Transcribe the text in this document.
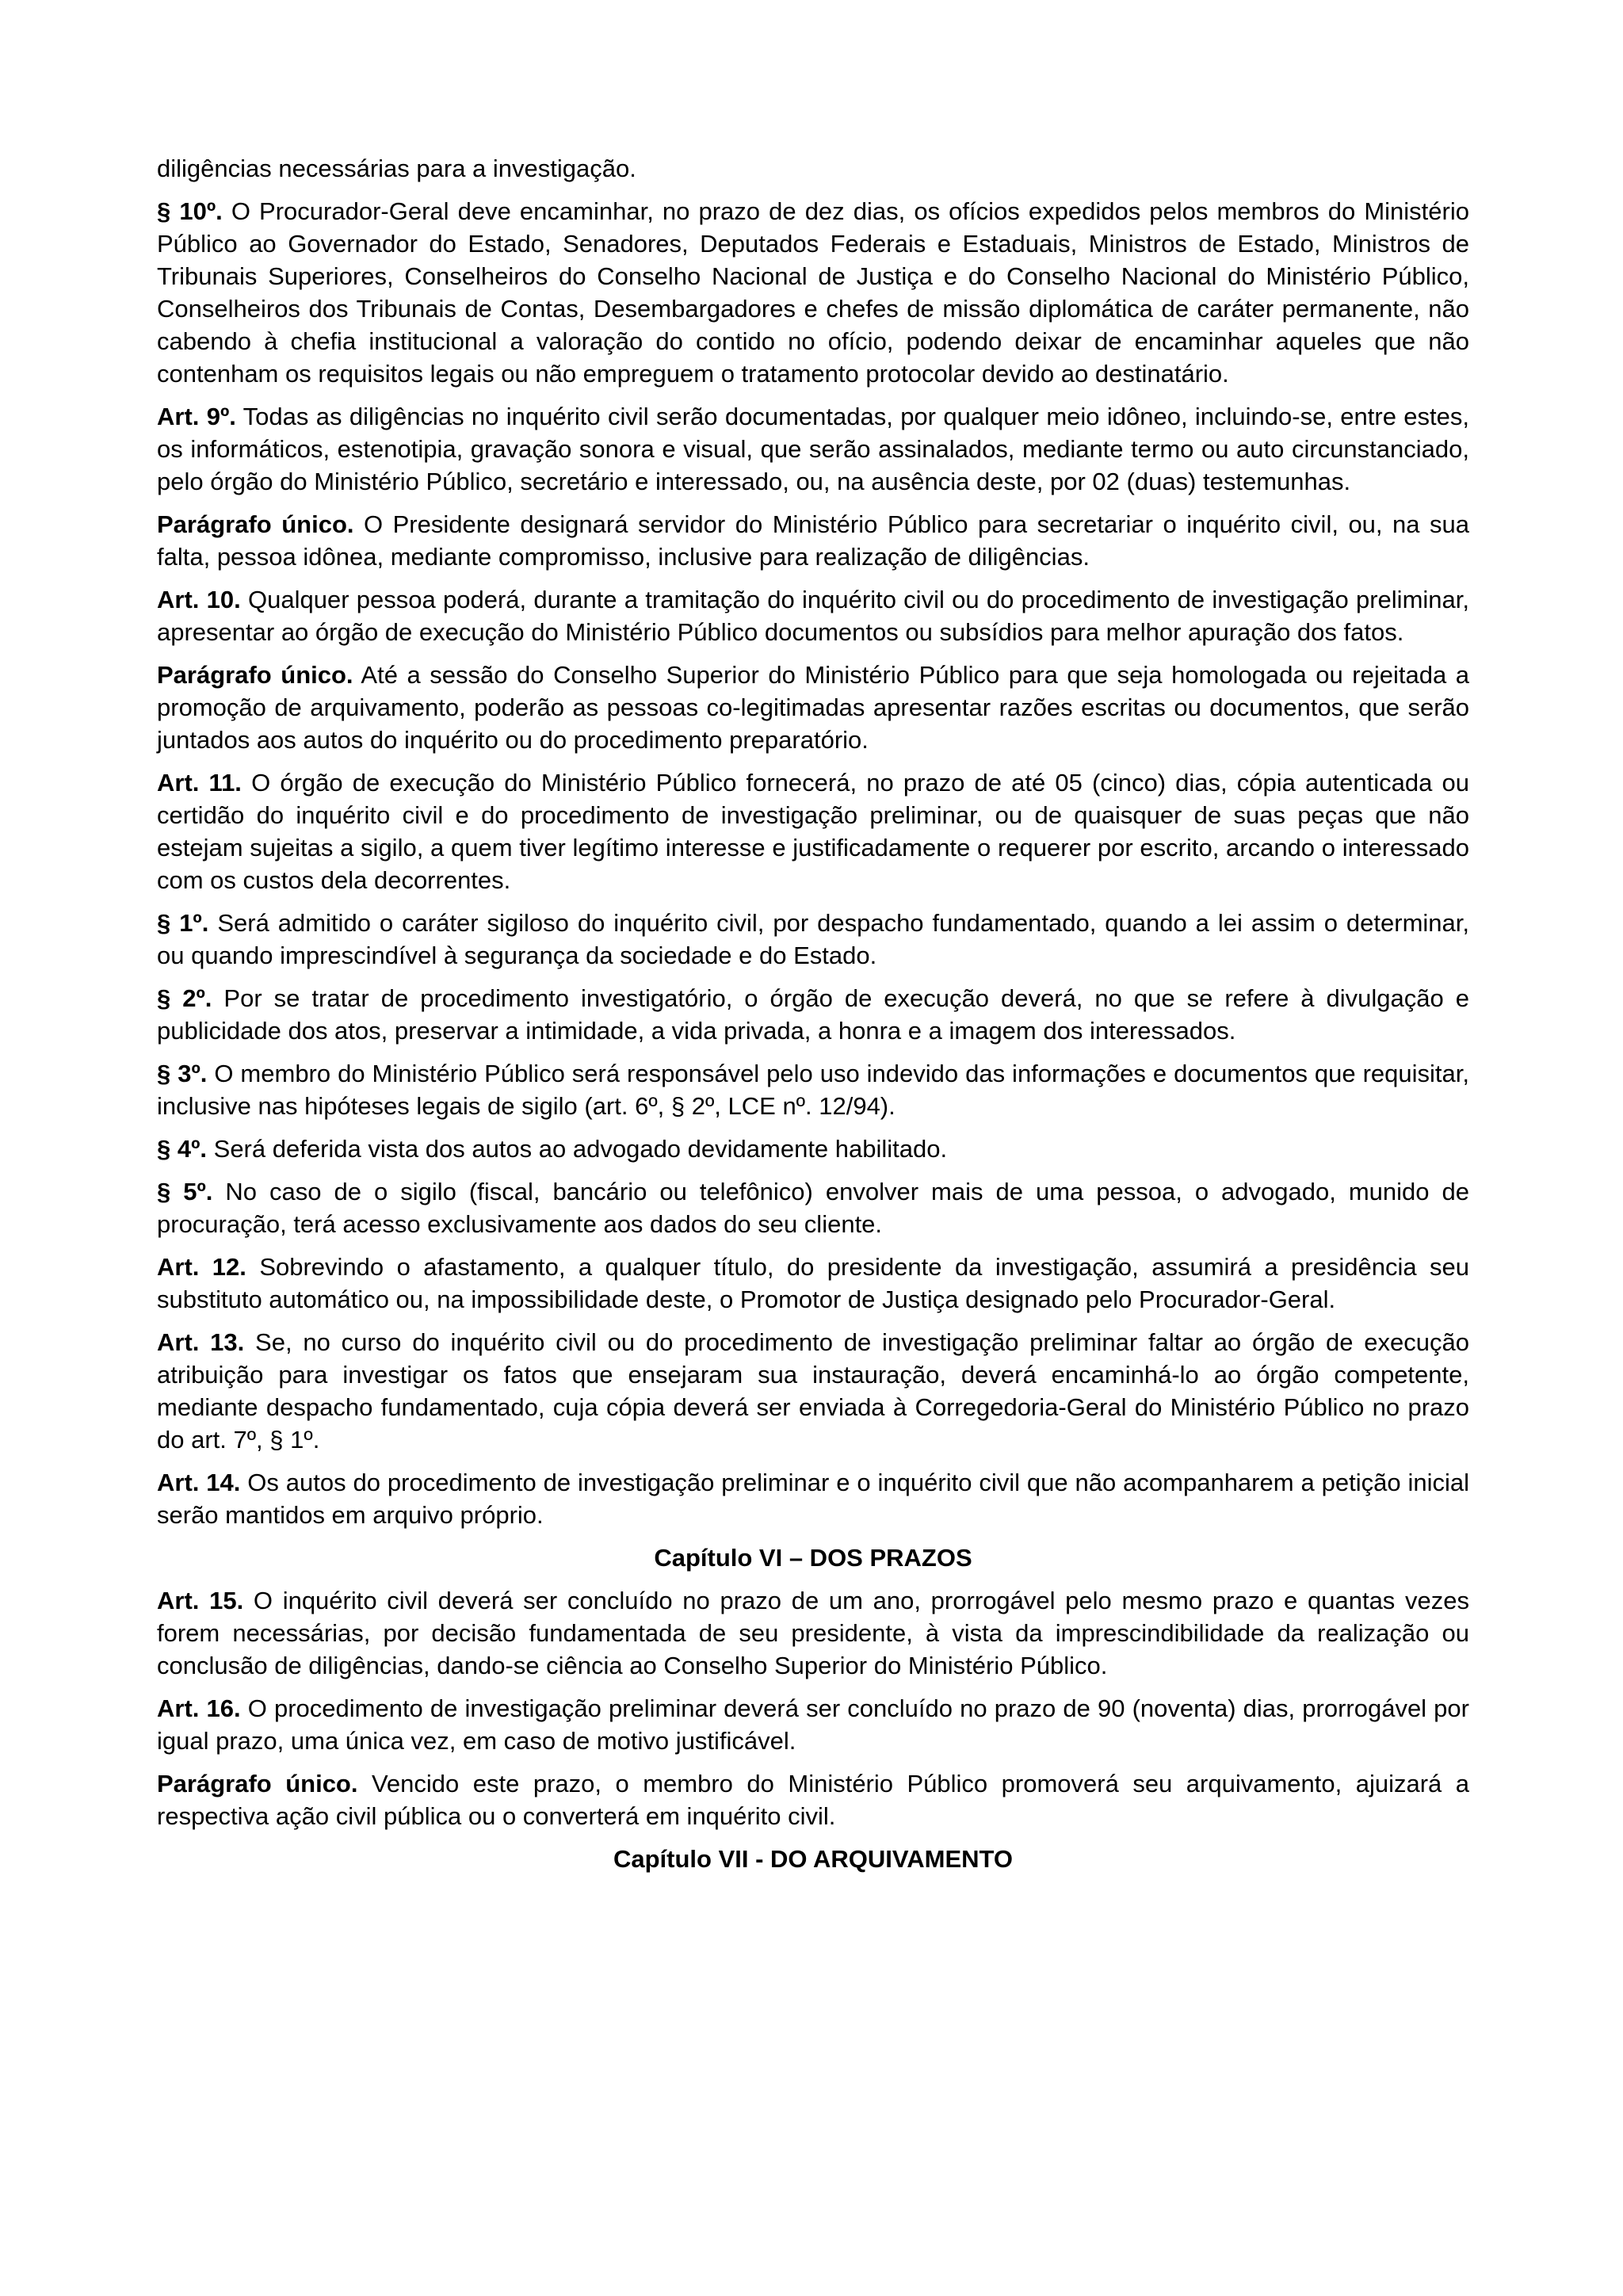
diligências necessárias para a investigação.

§ 10º. O Procurador-Geral deve encaminhar, no prazo de dez dias, os ofícios expedidos pelos membros do Ministério Público ao Governador do Estado, Senadores, Deputados Federais e Estaduais, Ministros de Estado, Ministros de Tribunais Superiores, Conselheiros do Conselho Nacional de Justiça e do Conselho Nacional do Ministério Público, Conselheiros dos Tribunais de Contas, Desembargadores e chefes de missão diplomática de caráter permanente, não cabendo à chefia institucional a valoração do contido no ofício, podendo deixar de encaminhar aqueles que não contenham os requisitos legais ou não empreguem o tratamento protocolar devido ao destinatário.

Art. 9º. Todas as diligências no inquérito civil serão documentadas, por qualquer meio idôneo, incluindo-se, entre estes, os informáticos, estenotipia, gravação sonora e visual, que serão assinalados, mediante termo ou auto circunstanciado, pelo órgão do Ministério Público, secretário e interessado, ou, na ausência deste, por 02 (duas) testemunhas.

Parágrafo único. O Presidente designará servidor do Ministério Público para secretariar o inquérito civil, ou, na sua falta, pessoa idônea, mediante compromisso, inclusive para realização de diligências.

Art. 10. Qualquer pessoa poderá, durante a tramitação do inquérito civil ou do procedimento de investigação preliminar, apresentar ao órgão de execução do Ministério Público documentos ou subsídios para melhor apuração dos fatos.

Parágrafo único. Até a sessão do Conselho Superior do Ministério Público para que seja homologada ou rejeitada a promoção de arquivamento, poderão as pessoas co-legitimadas apresentar razões escritas ou documentos, que serão juntados aos autos do inquérito ou do procedimento preparatório.

Art. 11. O órgão de execução do Ministério Público fornecerá, no prazo de até 05 (cinco) dias, cópia autenticada ou certidão do inquérito civil e do procedimento de investigação preliminar, ou de quaisquer de suas peças que não estejam sujeitas a sigilo, a quem tiver legítimo interesse e justificadamente o requerer por escrito, arcando o interessado com os custos dela decorrentes.

§ 1º. Será admitido o caráter sigiloso do inquérito civil, por despacho fundamentado, quando a lei assim o determinar, ou quando imprescindível à segurança da sociedade e do Estado.

§ 2º. Por se tratar de procedimento investigatório, o órgão de execução deverá, no que se refere à divulgação e publicidade dos atos, preservar a intimidade, a vida privada, a honra e a imagem dos interessados.

§ 3º. O membro do Ministério Público será responsável pelo uso indevido das informações e documentos que requisitar, inclusive nas hipóteses legais de sigilo (art. 6º, § 2º, LCE nº. 12/94).

§ 4º. Será deferida vista dos autos ao advogado devidamente habilitado.

§ 5º. No caso de o sigilo (fiscal, bancário ou telefônico) envolver mais de uma pessoa, o advogado, munido de procuração, terá acesso exclusivamente aos dados do seu cliente.

Art. 12. Sobrevindo o afastamento, a qualquer título, do presidente da investigação, assumirá a presidência seu substituto automático ou, na impossibilidade deste, o Promotor de Justiça designado pelo Procurador-Geral.

Art. 13. Se, no curso do inquérito civil ou do procedimento de investigação preliminar faltar ao órgão de execução atribuição para investigar os fatos que ensejaram sua instauração, deverá encaminhá-lo ao órgão competente, mediante despacho fundamentado, cuja cópia deverá ser enviada à Corregedoria-Geral do Ministério Público no prazo do art. 7º, § 1º.

Art. 14. Os autos do procedimento de investigação preliminar e o inquérito civil que não acompanharem a petição inicial serão mantidos em arquivo próprio.

Capítulo VI – DOS PRAZOS

Art. 15. O inquérito civil deverá ser concluído no prazo de um ano, prorrogável pelo mesmo prazo e quantas vezes forem necessárias, por decisão fundamentada de seu presidente, à vista da imprescindibilidade da realização ou conclusão de diligências, dando-se ciência ao Conselho Superior do Ministério Público.

Art. 16. O procedimento de investigação preliminar deverá ser concluído no prazo de 90 (noventa) dias, prorrogável por igual prazo, uma única vez, em caso de motivo justificável.

Parágrafo único. Vencido este prazo, o membro do Ministério Público promoverá seu arquivamento, ajuizará a respectiva ação civil pública ou o converterá em inquérito civil.

Capítulo VII - DO ARQUIVAMENTO
